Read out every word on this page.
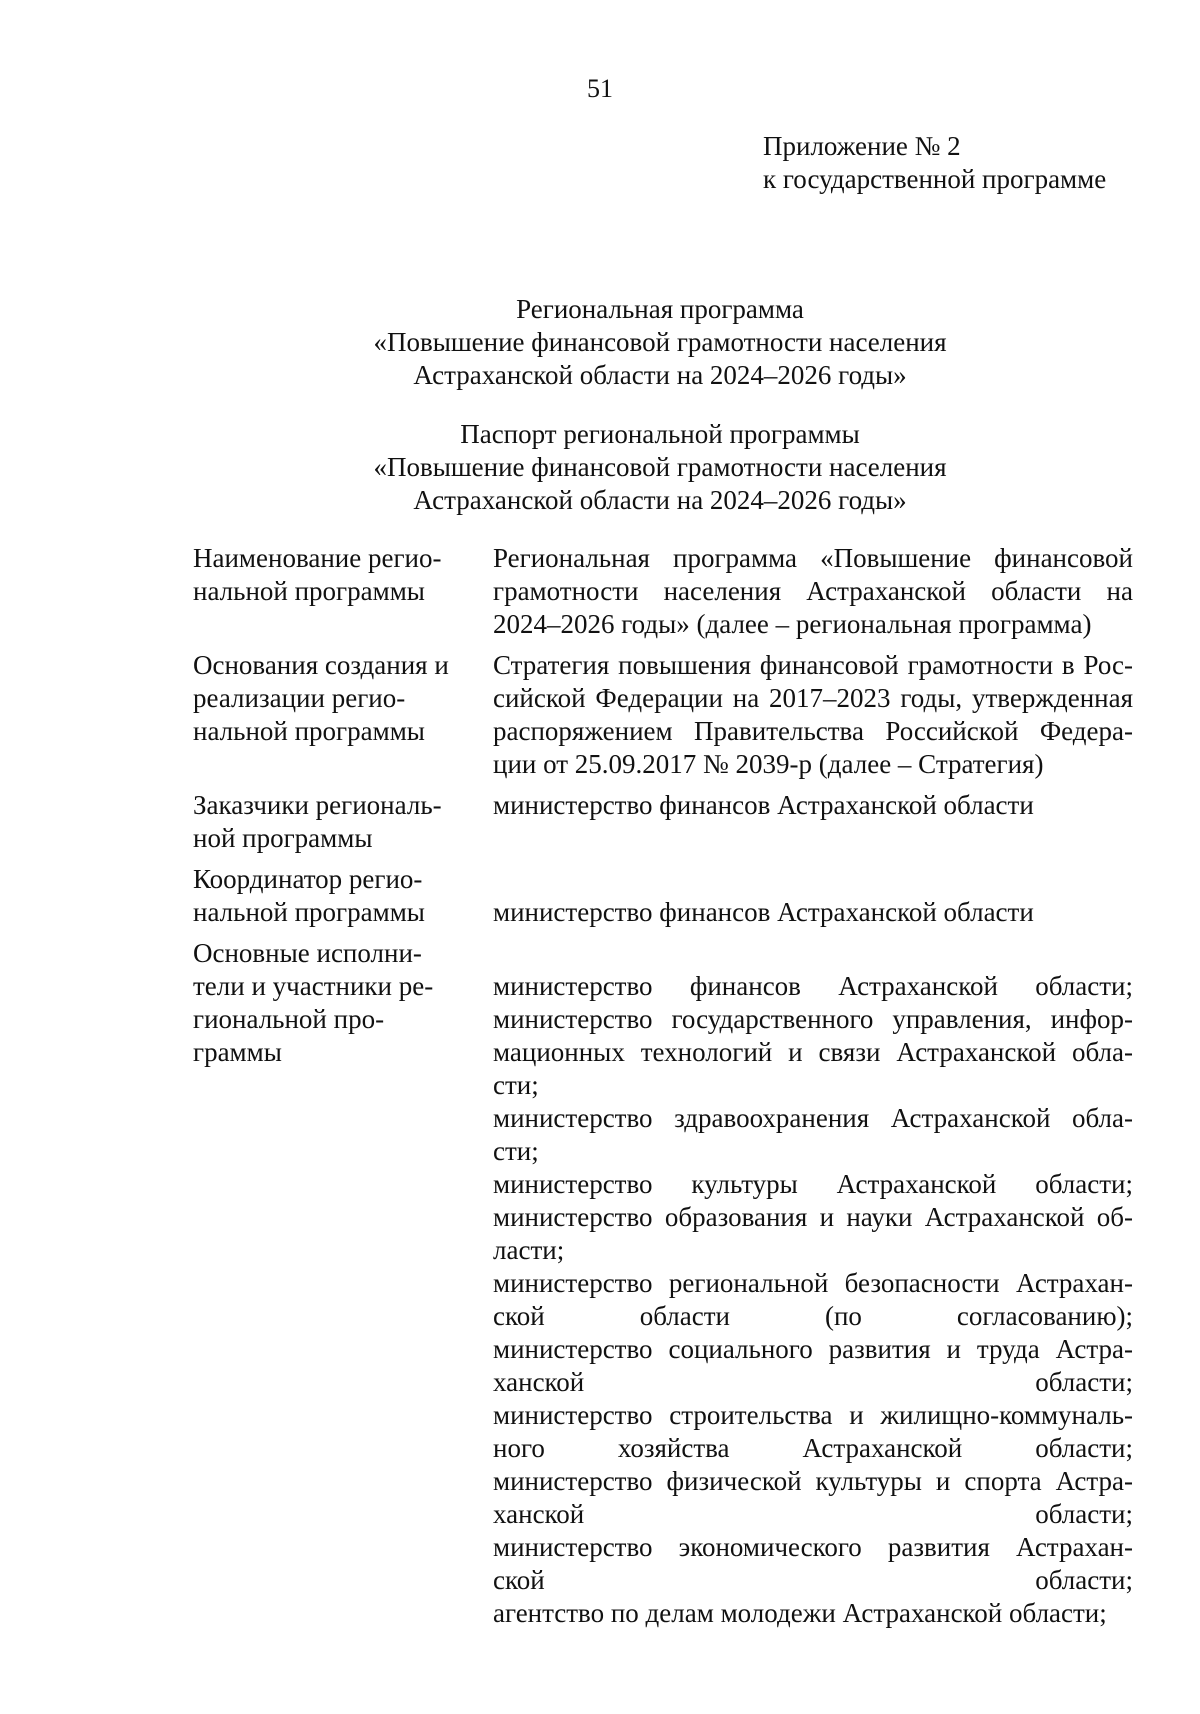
51
Приложение № 2
к государственной программе
Региональная программа
«Повышение финансовой грамотности населения
Астраханской области на 2024–2026 годы»
Паспорт региональной программы
«Повышение финансовой грамотности населения
Астраханской области на 2024–2026 годы»
Наименование регио-
нальной программы
Региональная программа «Повышение финансовой
грамотности населения Астраханской области на
2024–2026 годы» (далее – региональная программа)
Основания создания и
реализации регио-
нальной программы
Стратегия повышения финансовой грамотности в Рос-
сийской Федерации на 2017–2023 годы, утвержденная
распоряжением Правительства Российской Федера-
ции от 25.09.2017 № 2039-р (далее – Стратегия)
Заказчики региональ-
ной программы
министерство финансов Астраханской области
Координатор регио-
нальной программы
	министерство финансов Астраханской области
Основные исполни-
тели и участники ре-
гиональной про-
граммы

министерство финансов Астраханской области;
министерство государственного управления, инфор-
мационных технологий и связи Астраханской обла-
сти;
министерство здравоохранения Астраханской обла-
сти;
министерство культуры Астраханской области;
министерство образования и науки Астраханской об-
ласти;
министерство региональной безопасности Астрахан-
ской области (по согласованию);
министерство социального развития и труда Астра-
ханской области;
министерство строительства и жилищно-коммуналь-
ного хозяйства Астраханской области;
министерство физической культуры и спорта Астра-
ханской области;
министерство экономического развития Астрахан-
ской области;
агентство по делам молодежи Астраханской области;
